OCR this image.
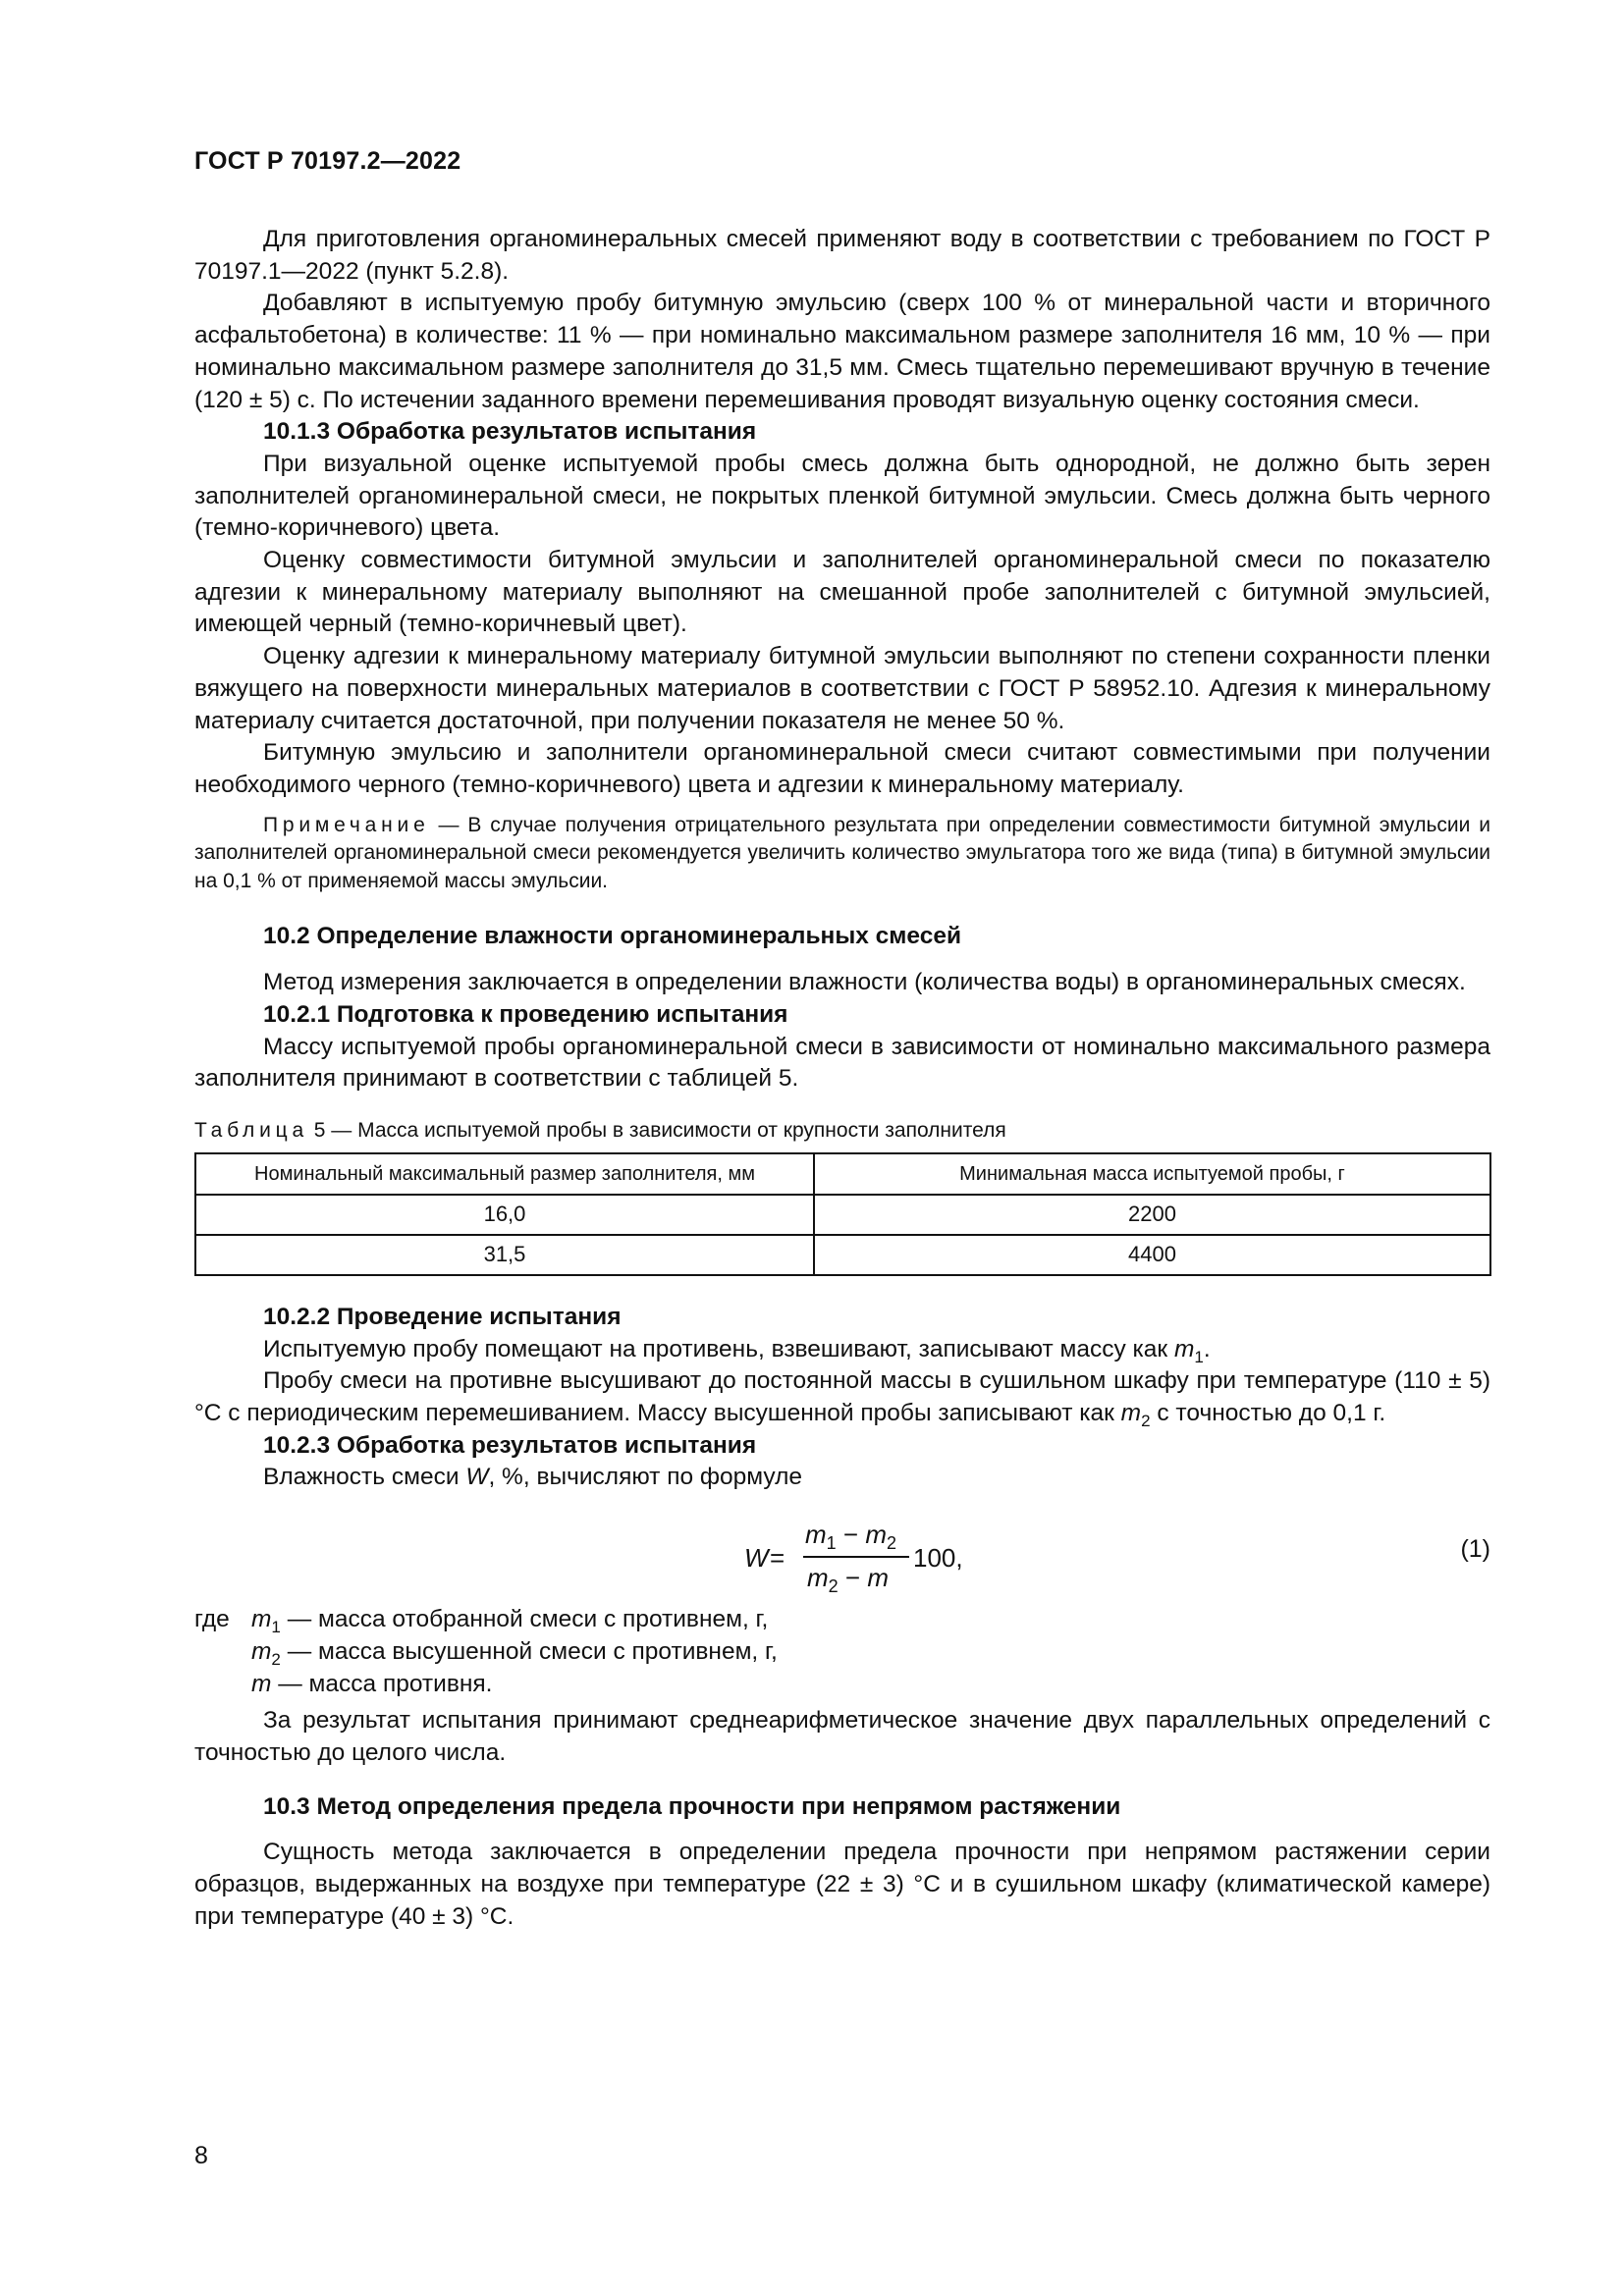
ГОСТ Р 70197.2—2022

Для приготовления органоминеральных смесей применяют воду в соответствии с требованием по ГОСТ Р 70197.1—2022 (пункт 5.2.8).

Добавляют в испытуемую пробу битумную эмульсию (сверх 100 % от минеральной части и вторичного асфальтобетона) в количестве: 11 % — при номинально максимальном размере заполнителя 16 мм, 10 % — при номинально максимальном размере заполнителя до 31,5 мм. Смесь тщательно перемешивают вручную в течение (120 ± 5) с. По истечении заданного времени перемешивания проводят визуальную оценку состояния смеси.

10.1.3 Обработка результатов испытания

При визуальной оценке испытуемой пробы смесь должна быть однородной, не должно быть зерен заполнителей органоминеральной смеси, не покрытых пленкой битумной эмульсии. Смесь должна быть черного (темно-коричневого) цвета.

Оценку совместимости битумной эмульсии и заполнителей органоминеральной смеси по показателю адгезии к минеральному материалу выполняют на смешанной пробе заполнителей с битумной эмульсией, имеющей черный (темно-коричневый цвет).

Оценку адгезии к минеральному материалу битумной эмульсии выполняют по степени сохранности пленки вяжущего на поверхности минеральных материалов в соответствии с ГОСТ Р 58952.10. Адгезия к минеральному материалу считается достаточной, при получении показателя не менее 50 %.

Битумную эмульсию и заполнители органоминеральной смеси считают совместимыми при получении необходимого черного (темно-коричневого) цвета и адгезии к минеральному материалу.

Примечание — В случае получения отрицательного результата при определении совместимости битумной эмульсии и заполнителей органоминеральной смеси рекомендуется увеличить количество эмульгатора того же вида (типа) в битумной эмульсии на 0,1 % от применяемой массы эмульсии.

10.2 Определение влажности органоминеральных смесей

Метод измерения заключается в определении влажности (количества воды) в органоминеральных смесях.

10.2.1 Подготовка к проведению испытания

Массу испытуемой пробы органоминеральной смеси в зависимости от номинально максимального размера заполнителя принимают в соответствии с таблицей 5.

Таблица 5 — Масса испытуемой пробы в зависимости от крупности заполнителя
Номинальный максимальный размер заполнителя, мм	Минимальная масса испытуемой пробы, г
16,0	2200
31,5	4400

10.2.2 Проведение испытания

Испытуемую пробу помещают на противень, взвешивают, записывают массу как $m_1$.

Пробу смеси на противне высушивают до постоянной массы в сушильном шкафу при температуре (110 ± 5) °С с периодическим перемешиванием. Массу высушенной пробы записывают как $m_2$ с точностью до 0,1 г.

10.2.3 Обработка результатов испытания

Влажность смеси W, %, вычисляют по формуле

W =
$m_1 - m_2$
$m_2 - m$
100,	(1)
где $m_1$ — масса отобранной смеси с противнем, г,
$m_2$ — масса высушенной смеси с противнем, г,
m — масса противня.

За результат испытания принимают среднеарифметическое значение двух параллельных определений с точностью до целого числа.

10.3 Метод определения предела прочности при непрямом растяжении

Сущность метода заключается в определении предела прочности при непрямом растяжении серии образцов, выдержанных на воздухе при температуре (22 ± 3) °С и в сушильном шкафу (климатической камере) при температуре (40 ± 3) °С.

8
